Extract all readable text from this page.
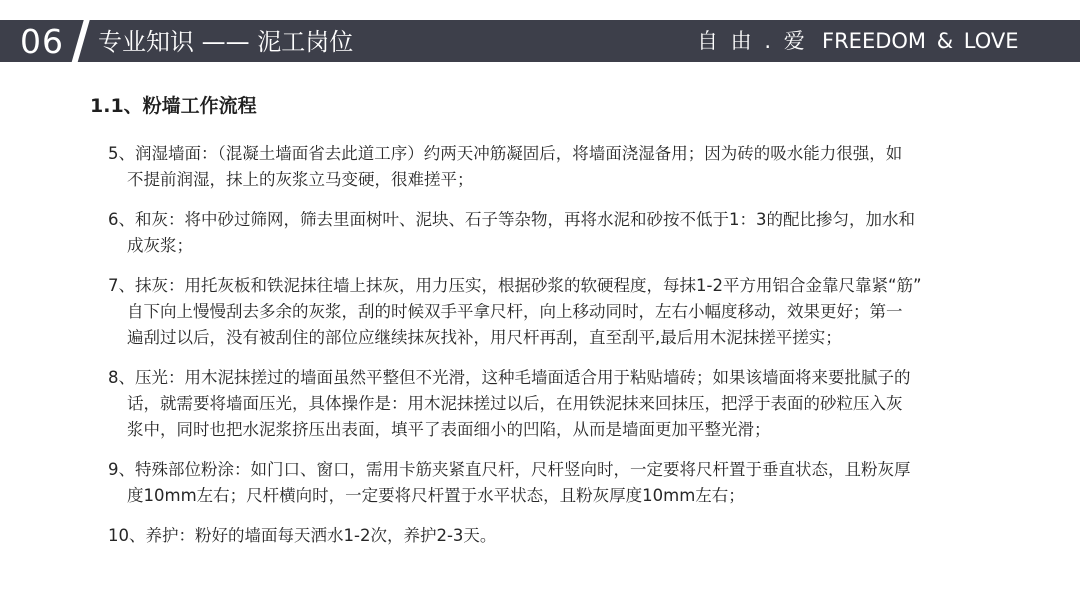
06 专业知识 —— 泥工岗位	自 由 . 爱 FREEDOM & LOVE
1.1、粉墙工作流程

5、润湿墙面：（混凝土墙面省去此道工序）约两天冲筋凝固后，将墙面浇湿备用；因为砖的吸水能力很强，如

不提前润湿，抹上的灰浆立马变硬，很难搓平；

6、和灰：将中砂过筛网，筛去里面树叶、泥块、石子等杂物，再将水泥和砂按不低于1：3的配比掺匀，加水和

成灰浆；

7、抹灰：用托灰板和铁泥抹往墙上抹灰，用力压实，根据砂浆的软硬程度，每抹1-2平方用铝合金靠尺靠紧“筋”

自下向上慢慢刮去多余的灰浆，刮的时候双手平拿尺杆，向上移动同时，左右小幅度移动，效果更好；第一

遍刮过以后，没有被刮住的部位应继续抹灰找补，用尺杆再刮，直至刮平,最后用木泥抹搓平搓实；

8、压光：用木泥抹搓过的墙面虽然平整但不光滑，这种毛墙面适合用于粘贴墙砖；如果该墙面将来要批腻子的

话，就需要将墙面压光，具体操作是：用木泥抹搓过以后，在用铁泥抹来回抹压，把浮于表面的砂粒压入灰

浆中，同时也把水泥浆挤压出表面，填平了表面细小的凹陷，从而是墙面更加平整光滑；

9、特殊部位粉涂：如门口、窗口，需用卡筋夹紧直尺杆，尺杆竖向时，一定要将尺杆置于垂直状态，且粉灰厚

度10mm左右；尺杆横向时，一定要将尺杆置于水平状态，且粉灰厚度10mm左右；

10、养护：粉好的墙面每天洒水1-2次，养护2-3天。
